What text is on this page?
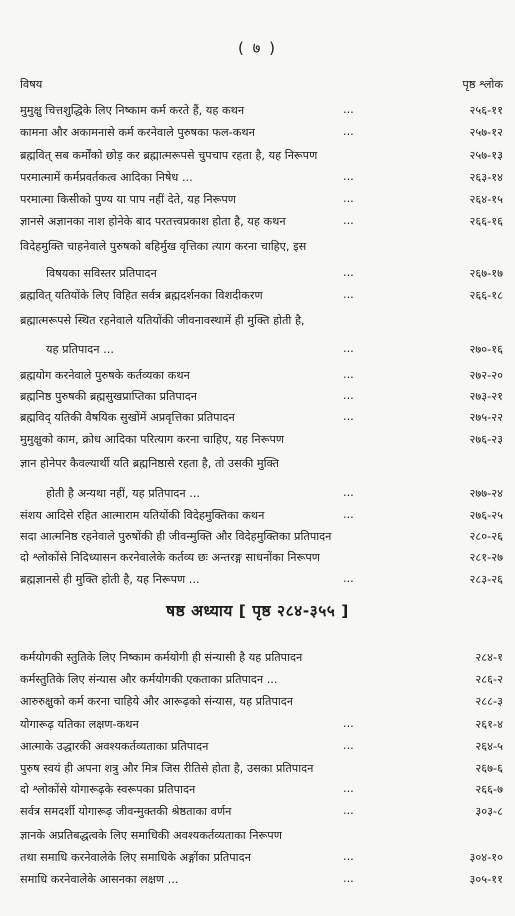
( ७ )
विषय	पृष्ठ श्लोक
मुमुक्षु चित्तशुद्धिके लिए निष्काम कर्म करते हैं, यह कथन	...	२५६-११
कामना और अकामनासे कर्म करनेवाले पुरुषका फल-कथन	...	२५७-१२
ब्रह्मवित् सब कर्मोंको छोड़ कर ब्रह्मात्मरूपसे चुपचाप रहता है, यह निरूपण	२५७-१३
परमात्मामें कर्मप्रवर्तकत्व आदिका निषेध ...	...	२६३-१४
परमात्मा किसीको पुण्य या पाप नहीं देते, यह निरूपण	...	२६४-१५
ज्ञानसे अज्ञानका नाश होनेके बाद परतत्त्वप्रकाश होता है, यह कथन	...	२६६-१६
विदेहमुक्ति चाहनेवाले पुरुषको बहिर्मुख वृत्तिका त्याग करना चाहिए, इस
विषयका सविस्तर प्रतिपादन	...	२६७-१७
ब्रह्मवित् यतियोंके लिए विहित सर्वत्र ब्रह्मदर्शनका विशदीकरण	...	२६६-१८
ब्रह्मात्मरूपसे स्थित रहनेवाले यतियोंकी जीवनावस्थामें ही मुक्ति होती है,
यह प्रतिपादन ...	...	२७०-१६
ब्रह्मयोग करनेवाले पुरुषके कर्तव्यका कथन	...	२७२-२०
ब्रह्मनिष्ठ पुरुषकी ब्रह्मसुखप्राप्तिका प्रतिपादन	...	२७३-२१
ब्रह्मविद् यतिकी वैषयिक सुखोंमें अप्रवृत्तिका प्रतिपादन	...	२७५-२२
मुमुक्षुको काम, क्रोध आदिका परित्याग करना चाहिए, यह निरूपण	२७६-२३
ज्ञान होनेपर कैवल्यार्थी यति ब्रह्मनिष्ठासे रहता है, तो उसकी मुक्ति
होती है अन्यथा नहीं, यह प्रतिपादन ...	...	२७७-२४
संशय आदिसे रहित आत्माराम यतियोंकी विदेहमुक्तिका कथन	...	२७६-२५
सदा आत्मनिष्ठ रहनेवाले पुरुषोंकी ही जीवन्मुक्ति और विदेहमुक्तिका प्रतिपादन	२८०-२६
दो श्लोकोंसे निदिध्यासन करनेवालेके कर्तव्य छः अन्तरङ्ग साधनोंका निरूपण	२८१-२७
ब्रह्मज्ञानसे ही मुक्ति होती है, यह निरूपण ...	...	२८३-२६
षष्ठ अध्याय [ पृष्ठ २८४-३५५ ]
कर्मयोगकी स्तुतिके लिए निष्काम कर्मयोगी ही संन्यासी है यह प्रतिपादन	२८४-१
कर्मस्तुतिके लिए संन्यास और कर्मयोगकी एकताका प्रतिपादन ...	२८६-२
आरुरुक्षुको कर्म करना चाहिये और आरूढ़को संन्यास, यह प्रतिपादन	२८८-३
योगारूढ़ यतिका लक्षण-कथन	...	२६१-४
आत्माके उद्धारकी अवश्यकर्तव्यताका प्रतिपादन	...	२६४-५
पुरुष स्वयं ही अपना शत्रु और मित्र जिस रीतिसे होता है, उसका प्रतिपादन	२६७-६
दो श्लोकोंसे योगारूढ़के स्वरूपका प्रतिपादन	...	२६६-७
सर्वत्र समदर्शी योगारूढ़ जीवन्मुक्तकी श्रेष्ठताका वर्णन	...	३०३-८
ज्ञानके अप्रतिबद्धत्वके लिए समाधिकी अवश्यकर्तव्यताका निरूपण
तथा समाधि करनेवालेके लिए समाधिके अङ्गोंका प्रतिपादन	...	३०४-१०
समाधि करनेवालेके आसनका लक्षण ...	...	३०५-११
